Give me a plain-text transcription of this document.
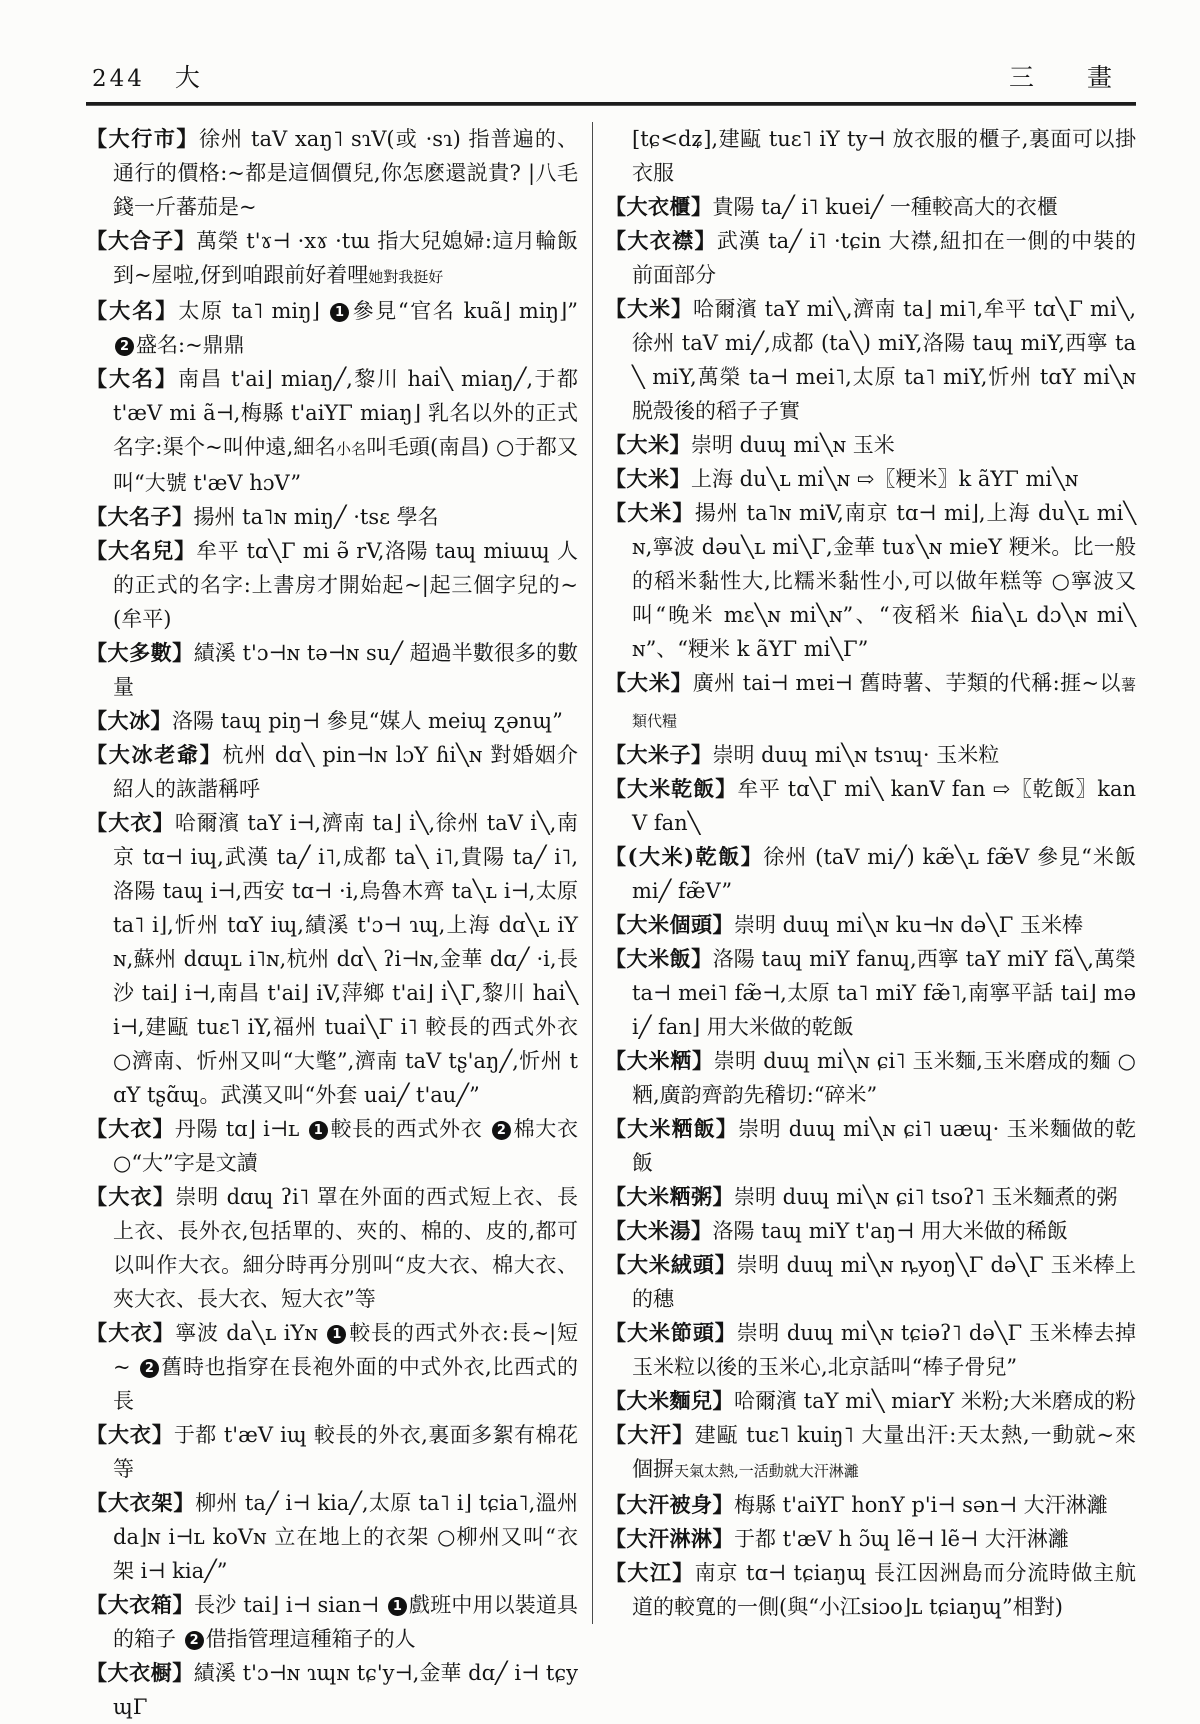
244 大	三　畫

【大行市】徐州 taV xaŋ˥ sɿV(或 ·sɿ) 指普遍的、通行的價格:~都是這個價兒,你怎麽還説貴? |八毛錢一斤蕃茄是~

【大合子】萬榮 t'ɤ⊣ ·xɤ ·tɯ 指大兒媳婦:這月輪飯到~屋啦,伢到咱跟前好着哩她對我挺好

【大名】太原 ta˥ miŋ⌋ 1 參見“官名 kuã⌋ miŋ⌋” 2 盛名:~鼎鼎

【大名】南昌 t'ai⌋ miaŋ╱,黎川 hai╲ miaŋ╱,于都 t'æV mi ã⊣,梅縣 t'aiYΓ miaŋ⌋ 乳名以外的正式名字:渠个~叫仲遠,細名小名叫毛頭(南昌) ○于都又叫“大號 t'æV hɔV”

【大名子】揚州 ta˥ɴ miŋ╱ ·tsɛ 學名

【大名兒】牟平 tɑ╲Γ mi ə̃ rV,洛陽 taɰ miɯɰ 人的正式的名字:上書房才開始起~|起三個字兒的~(牟平)

【大多數】績溪 t'ɔ⊣ɴ tə⊣ɴ su╱ 超過半數很多的數量

【大冰】洛陽 taɰ piŋ⊣ 參見“媒人 meiɰ ʐənɰ”

【大冰老爺】杭州 dɑ╲ pin⊣ɴ lɔY ɦi╲ɴ 對婚姻介紹人的詼諧稱呼

【大衣】哈爾濱 taY i⊣,濟南 ta⌋ i╲,徐州 taV i╲,南京 tɑ⊣ iɰ,武漢 ta╱ i˥,成都 ta╲ i˥,貴陽 ta╱ i˥,洛陽 taɰ i⊣,西安 tɑ⊣ ·i,烏魯木齊 ta╲ʟ i⊣,太原 ta˥ i⌋,忻州 tɑY iɰ,績溪 t'ɔ⊣ ɿɰ,上海 dɑ╲ʟ iYɴ,蘇州 dɑɰʟ i˥ɴ,杭州 dɑ╲ ʔi⊣ɴ,金華 dɑ╱ ·i,長沙 tai⌋ i⊣,南昌 t'ai⌋ iV,萍鄉 t'ai⌋ i╲Γ,黎川 hai╲ i⊣,建甌 tuɛ˥ iY,福州 tuai╲Γ i˥ 較長的西式外衣 ○濟南、忻州又叫“大氅”,濟南 taV tʂ'aŋ╱,忻州 tɑY tʂɑ̃ɰ。武漢又叫“外套 uai╱ t'au╱”

【大衣】丹陽 tɑ⌋ i⊣ʟ 1 較長的西式外衣 2 棉大衣 ○“大”字是文讀

【大衣】崇明 dɑɰ ʔi˥ 罩在外面的西式短上衣、長上衣、長外衣,包括單的、夾的、棉的、皮的,都可以叫作大衣。細分時再分別叫“皮大衣、棉大衣、夾大衣、長大衣、短大衣”等

【大衣】寧波 da╲ʟ iYɴ 1 較長的西式外衣:長~|短~ 2 舊時也指穿在長袍外面的中式外衣,比西式的長

【大衣】于都 t'æV iɰ 較長的外衣,裏面多絮有棉花等

【大衣架】柳州 ta╱ i⊣ kia╱,太原 ta˥ i⌋ tɕia˥,溫州 da⌋ɴ i⊣ʟ koVɴ 立在地上的衣架 ○柳州又叫“衣架 i⊣ kia╱”

【大衣箱】長沙 tai⌋ i⊣ sian⊣ 1 戲班中用以裝道具的箱子 2 借指管理這種箱子的人

【大衣橱】績溪 t'ɔ⊣ɴ ɿɰɴ tɕ'y⊣,金華 dɑ╱ i⊣ tɕyɰΓ

[tɕ<dʑ],建甌 tuɛ˥ iY ty⊣ 放衣服的櫃子,裏面可以掛衣服

【大衣櫃】貴陽 ta╱ i˥ kuei╱ 一種較高大的衣櫃

【大衣襟】武漢 ta╱ i˥ ·tɕin 大襟,紐扣在一側的中裝的前面部分

【大米】哈爾濱 taY mi╲,濟南 ta⌋ mi˥,牟平 tɑ╲Γ mi╲,徐州 taV mi╱,成都 (ta╲) miY,洛陽 taɰ miY,西寧 ta╲ miY,萬榮 ta⊣ mei˥,太原 ta˥ miY,忻州 tɑY mi╲ɴ 脱殼後的稻子子實

【大米】崇明 duɰ mi╲ɴ 玉米

【大米】上海 du╲ʟ mi╲ɴ ⇨〖粳米〗k ãYΓ mi╲ɴ

【大米】揚州 ta˥ɴ miV,南京 tɑ⊣ mi⌋,上海 du╲ʟ mi╲ɴ,寧波 dəu╲ʟ mi╲Γ,金華 tuɤ╲ɴ mieY 粳米。比一般的稻米黏性大,比糯米黏性小,可以做年糕等 ○寧波又叫“晚米 mɛ╲ɴ mi╲ɴ”、“夜稻米 ɦia╲ʟ dɔ╲ɴ mi╲ɴ”、“粳米 k ãYΓ mi╲Γ”

【大米】廣州 tai⊣ mɐi⊣ 舊時薯、芋類的代稱:捱~以薯類代糧

【大米子】崇明 duɰ mi╲ɴ tsɿɰ· 玉米粒

【大米乾飯】牟平 tɑ╲Γ mi╲ kanV fan ⇨〖乾飯〗kanV fan╲

【(大米)乾飯】徐州 (taV mi╱) kæ̃╲ʟ fæ̃V 參見“米飯 mi╱ fæ̃V”

【大米個頭】崇明 duɰ mi╲ɴ ku⊣ɴ də╲Γ 玉米棒

【大米飯】洛陽 taɰ miY fanɰ,西寧 taY miY fã╲,萬榮 ta⊣ mei˥ fæ̃⊣,太原 ta˥ miY fæ̃˥,南寧平話 tai⌋ məi╱ fan⌋ 用大米做的乾飯

【大米粞】崇明 duɰ mi╲ɴ ɕi˥ 玉米麵,玉米磨成的麵 ○粞,廣韵齊韵先稽切:“碎米”

【大米粞飯】崇明 duɰ mi╲ɴ ɕi˥ uæɰ· 玉米麵做的乾飯

【大米粞粥】崇明 duɰ mi╲ɴ ɕi˥ tsoʔ˥ 玉米麵煮的粥

【大米湯】洛陽 taɰ miY t'aŋ⊣ 用大米做的稀飯

【大米絨頭】崇明 duɰ mi╲ɴ ȵyoŋ╲Γ də╲Γ 玉米棒上的穗

【大米節頭】崇明 duɰ mi╲ɴ tɕiəʔ˥ də╲Γ 玉米棒去掉玉米粒以後的玉米心,北京話叫“棒子骨兒”

【大米麵兒】哈爾濱 taY mi╲ miarY 米粉;大米磨成的粉

【大汗】建甌 tuɛ˥ kuiŋ˥ 大量出汗:天太熱,一動就~來個摒天氣太熱,一活動就大汗淋灕

【大汗被身】梅縣 t'aiYΓ honY p'i⊣ sən⊣ 大汗淋灕

【大汗淋淋】于都 t'æV h ɔ̃ɰ lẽ⊣ lẽ⊣ 大汗淋灕

【大江】南京 tɑ⊣ tɕiaŋɰ 長江因洲島而分流時做主航道的較寬的一側(與“小江siɔo⌋ʟ tɕiaŋɰ”相對)
